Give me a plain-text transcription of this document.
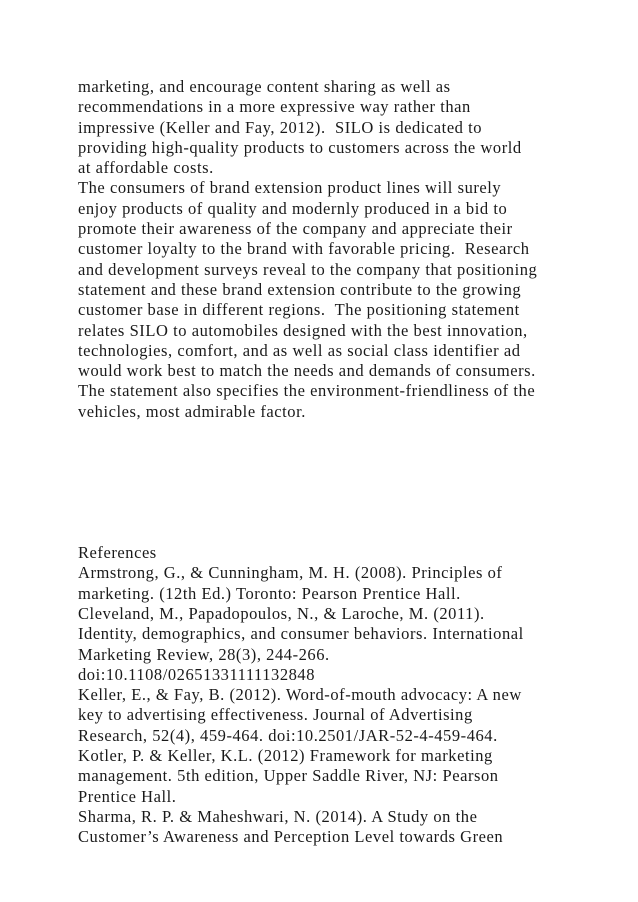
marketing, and encourage content sharing as well as
recommendations in a more expressive way rather than
impressive (Keller and Fay, 2012).  SILO is dedicated to
providing high-quality products to customers across the world
at affordable costs.
The consumers of brand extension product lines will surely
enjoy products of quality and modernly produced in a bid to
promote their awareness of the company and appreciate their
customer loyalty to the brand with favorable pricing.  Research
and development surveys reveal to the company that positioning
statement and these brand extension contribute to the growing
customer base in different regions.  The positioning statement
relates SILO to automobiles designed with the best innovation,
technologies, comfort, and as well as social class identifier ad
would work best to match the needs and demands of consumers.
The statement also specifies the environment-friendliness of the
vehicles, most admirable factor.
References
Armstrong, G., & Cunningham, M. H. (2008). Principles of
marketing. (12th Ed.) Toronto: Pearson Prentice Hall.
Cleveland, M., Papadopoulos, N., & Laroche, M. (2011).
Identity, demographics, and consumer behaviors. International
Marketing Review, 28(3), 244-266.
doi:10.1108/02651331111132848
Keller, E., & Fay, B. (2012). Word-of-mouth advocacy: A new
key to advertising effectiveness. Journal of Advertising
Research, 52(4), 459-464. doi:10.2501/JAR-52-4-459-464.
Kotler, P. & Keller, K.L. (2012) Framework for marketing
management. 5th edition, Upper Saddle River, NJ: Pearson
Prentice Hall.
Sharma, R. P. & Maheshwari, N. (2014). A Study on the
Customer’s Awareness and Perception Level towards Green
